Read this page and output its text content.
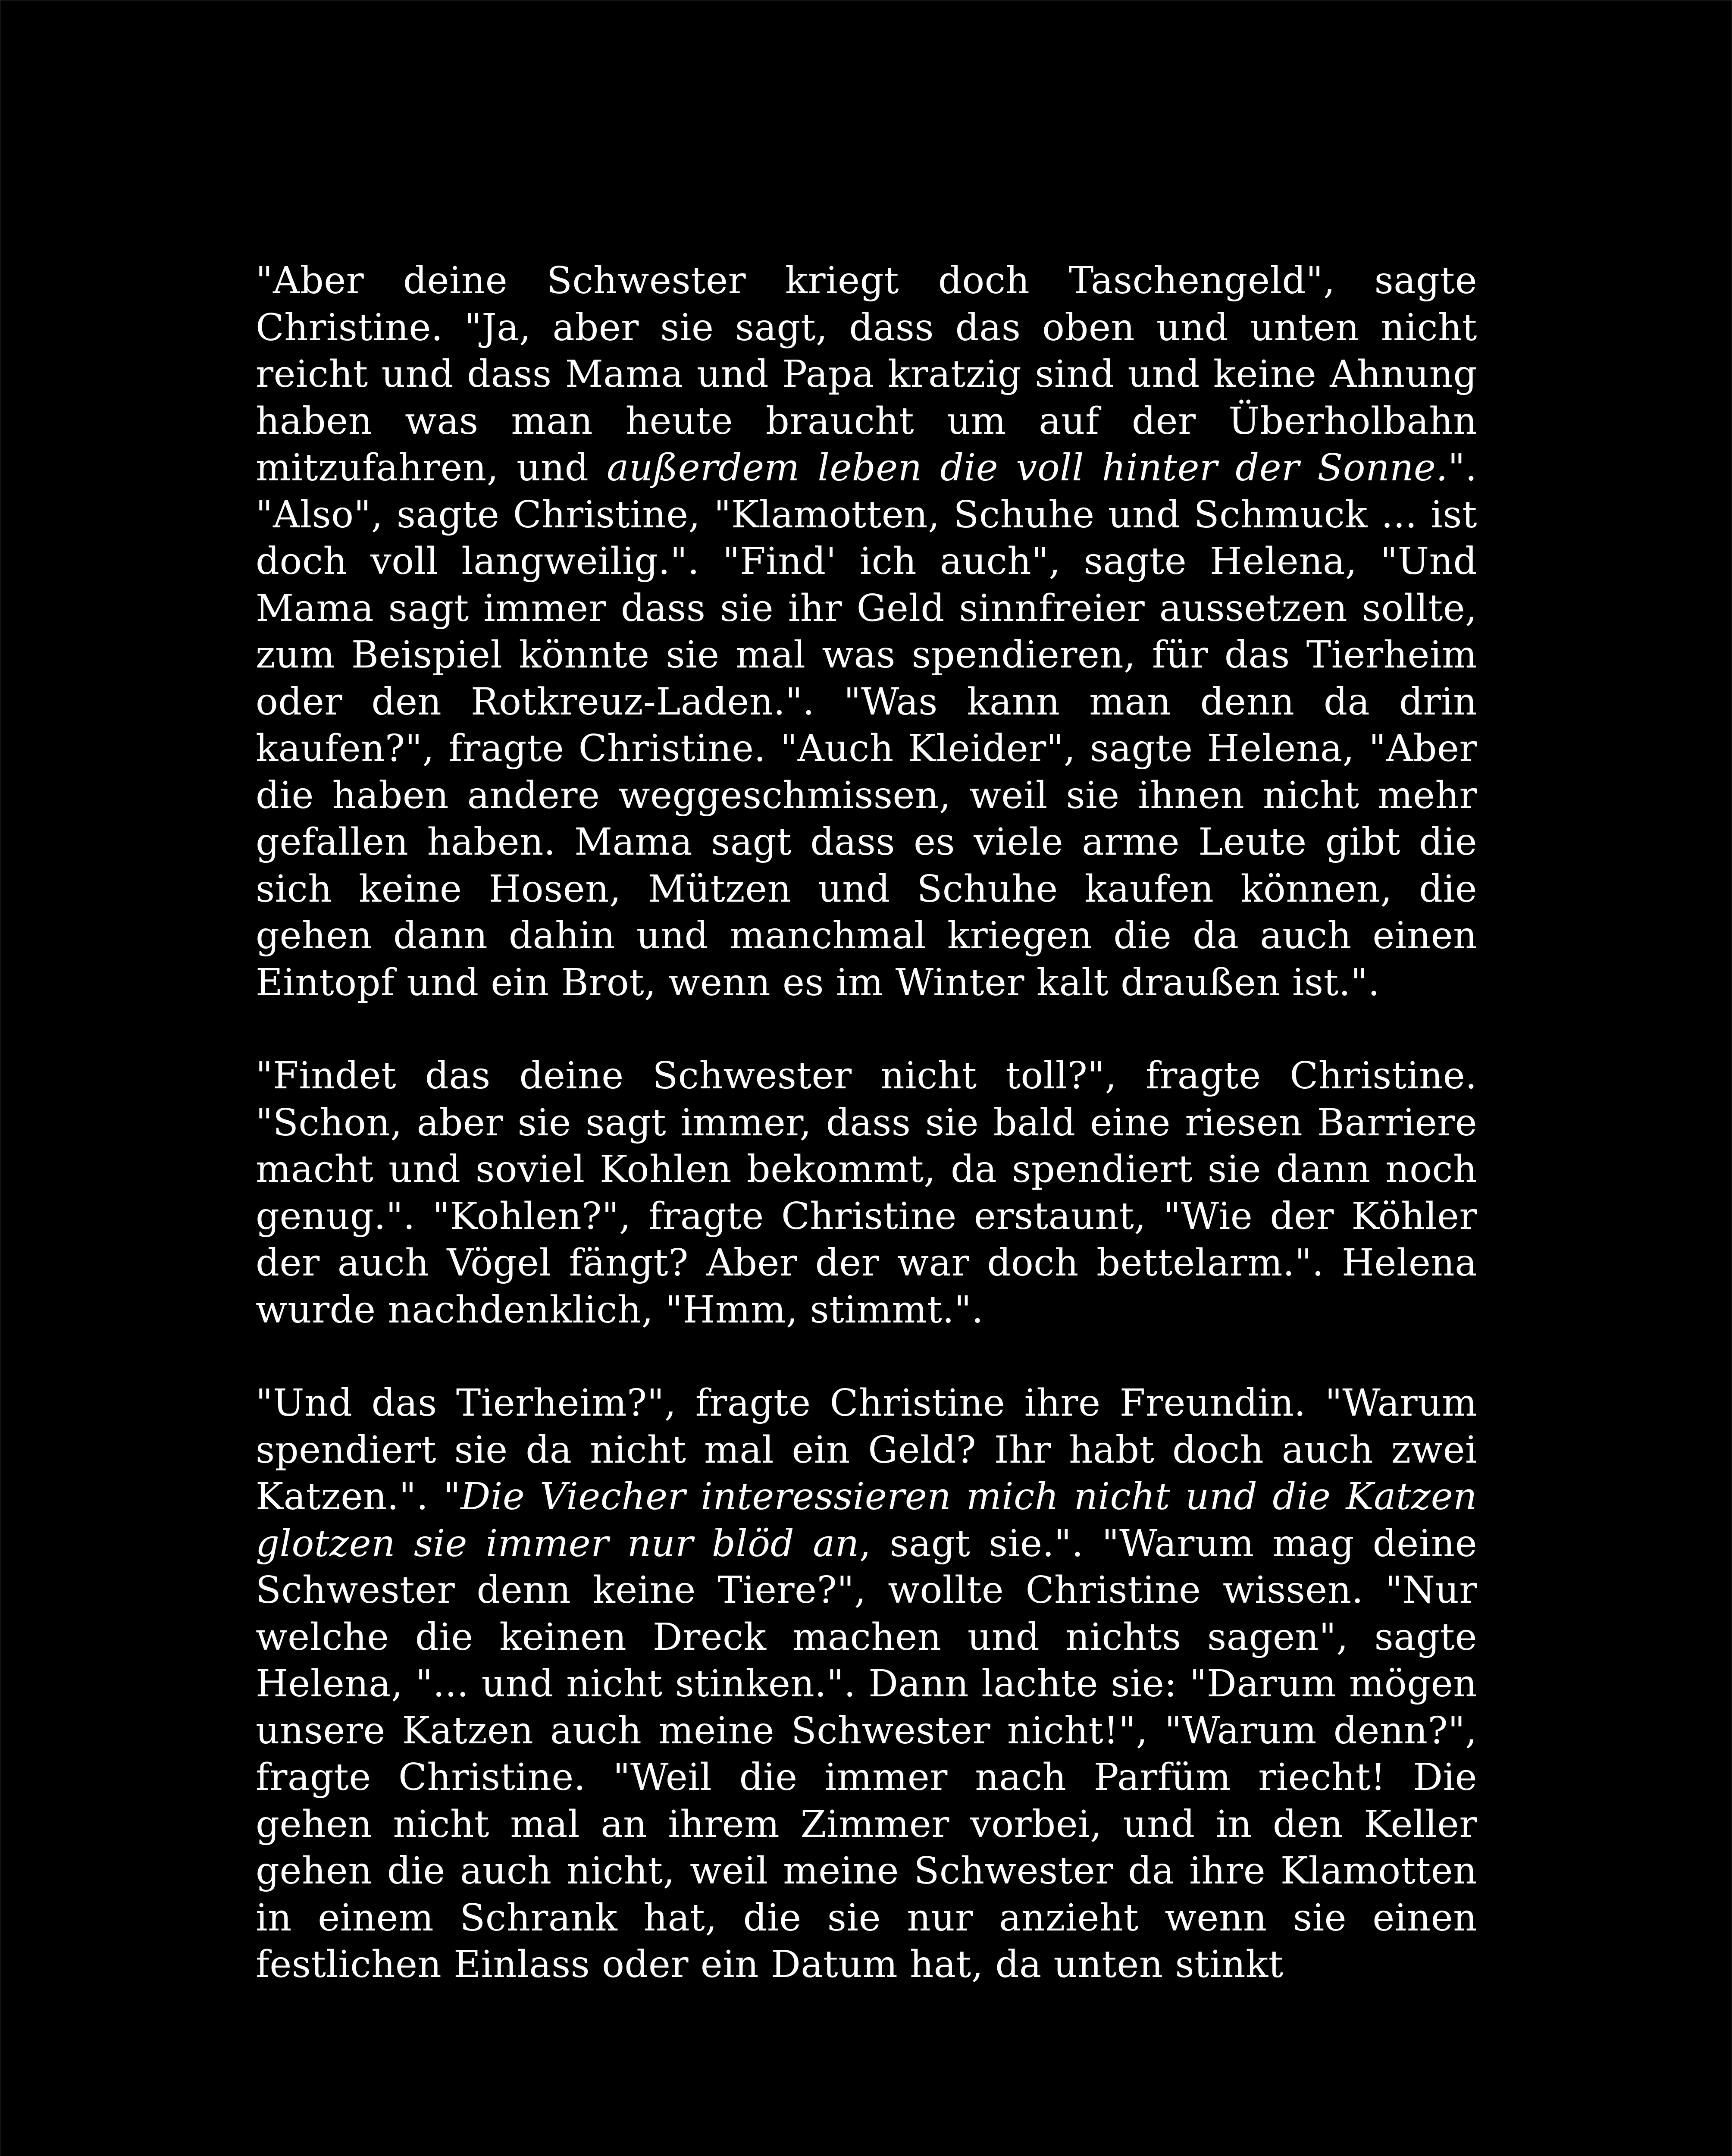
"Aber deine Schwester kriegt doch Taschengeld", sagte Christine. "Ja, aber sie sagt, dass das oben und unten nicht reicht und dass Mama und Papa kratzig sind und keine Ahnung haben was man heute braucht um auf der Überholbahn mitzufahren, und außerdem leben die voll hinter der Sonne.". "Also", sagte Christine, "Klamotten, Schuhe und Schmuck ... ist doch voll langweilig.". "Find' ich auch", sagte Helena, "Und Mama sagt immer dass sie ihr Geld sinnfreier aussetzen sollte, zum Beispiel könnte sie mal was spendieren, für das Tierheim oder den Rotkreuz-Laden.". "Was kann man denn da drin kaufen?", fragte Christine. "Auch Kleider", sagte Helena, "Aber die haben andere weggeschmissen, weil sie ihnen nicht mehr gefallen haben. Mama sagt dass es viele arme Leute gibt die sich keine Hosen, Mützen und Schuhe kaufen können, die gehen dann dahin und manchmal kriegen die da auch einen Eintopf und ein Brot, wenn es im Winter kalt draußen ist.".

"Findet das deine Schwester nicht toll?", fragte Christine. "Schon, aber sie sagt immer, dass sie bald eine riesen Barriere macht und soviel Kohlen bekommt, da spendiert sie dann noch genug.". "Kohlen?", fragte Christine erstaunt, "Wie der Köhler der auch Vögel fängt? Aber der war doch bettelarm.". Helena wurde nachdenklich, "Hmm, stimmt.".

"Und das Tierheim?", fragte Christine ihre Freundin. "Warum spendiert sie da nicht mal ein Geld? Ihr habt doch auch zwei Katzen.". "Die Viecher interessieren mich nicht und die Katzen glotzen sie immer nur blöd an, sagt sie.". "Warum mag deine Schwester denn keine Tiere?", wollte Christine wissen. "Nur welche die keinen Dreck machen und nichts sagen", sagte Helena, "... und nicht stinken.". Dann lachte sie: "Darum mögen unsere Katzen auch meine Schwester nicht!", "Warum denn?", fragte Christine. "Weil die immer nach Parfüm riecht! Die gehen nicht mal an ihrem Zimmer vorbei, und in den Keller gehen die auch nicht, weil meine Schwester da ihre Klamotten in einem Schrank hat, die sie nur anzieht wenn sie einen festlichen Einlass oder ein Datum hat, da unten stinkt
